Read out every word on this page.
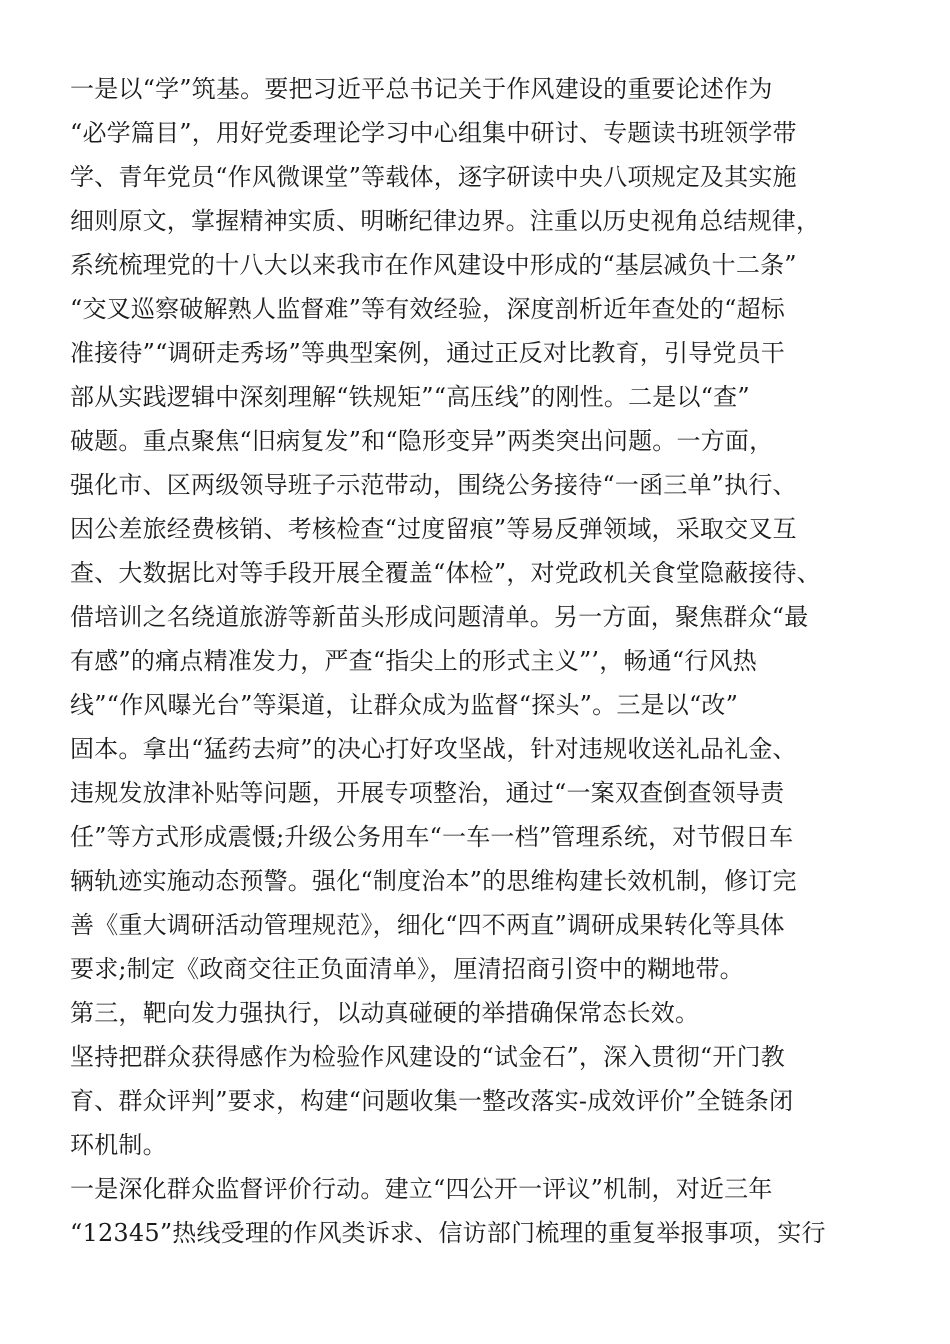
一是以“学”筑基。要把习近平总书记关于作风建设的重要论述作为
“必学篇目”，用好党委理论学习中心组集中研讨、专题读书班领学带
学、青年党员“作风微课堂”等载体，逐字研读中央八项规定及其实施
细则原文，掌握精神实质、明晰纪律边界。注重以历史视角总结规律，
系统梳理党的十八大以来我市在作风建设中形成的“基层减负十二条”
“交叉巡察破解熟人监督难”等有效经验，深度剖析近年查处的“超标
准接待”“调研走秀场”等典型案例，通过正反对比教育，引导党员干
部从实践逻辑中深刻理解“铁规矩”“高压线”的刚性。二是以“查”
破题。重点聚焦“旧病复发”和“隐形变异”两类突出问题。一方面，
强化市、区两级领导班子示范带动，围绕公务接待“一函三单”执行、
因公差旅经费核销、考核检查“过度留痕”等易反弹领域，采取交叉互
查、大数据比对等手段开展全覆盖“体检”，对党政机关食堂隐蔽接待、
借培训之名绕道旅游等新苗头形成问题清单。另一方面，聚焦群众“最
有感”的痛点精准发力，严查“指尖上的形式主义”’，畅通“行风热
线”“作风曝光台”等渠道，让群众成为监督“探头”。三是以“改”
固本。拿出“猛药去疴”的决心打好攻坚战，针对违规收送礼品礼金、
违规发放津补贴等问题，开展专项整治，通过“一案双查倒查领导责
任”等方式形成震慑;升级公务用车“一车一档”管理系统，对节假日车
辆轨迹实施动态预警。强化“制度治本”的思维构建长效机制，修订完
善《重大调研活动管理规范》，细化“四不两直”调研成果转化等具体
要求;制定《政商交往正负面清单》，厘清招商引资中的糊地带。
第三，靶向发力强执行，以动真碰硬的举措确保常态长效。
坚持把群众获得感作为检验作风建设的“试金石”，深入贯彻“开门教
育、群众评判”要求，构建“问题收集一整改落实-成效评价”全链条闭
环机制。
一是深化群众监督评价行动。建立“四公开一评议”机制，对近三年
“12345”热线受理的作风类诉求、信访部门梳理的重复举报事项，实行
